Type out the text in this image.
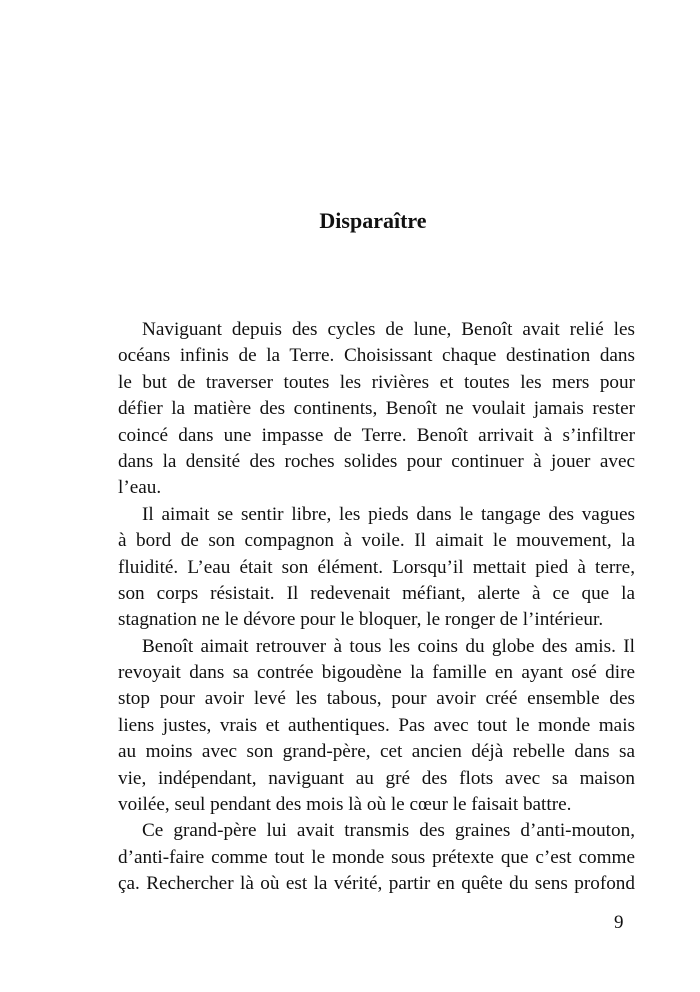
Disparaître
Naviguant depuis des cycles de lune, Benoît avait relié les
océans infinis de la Terre. Choisissant chaque destination dans
le but de traverser toutes les rivières et toutes les mers pour
défier la matière des continents, Benoît ne voulait jamais rester
coincé dans une impasse de Terre. Benoît arrivait à s’infiltrer
dans la densité des roches solides pour continuer à jouer avec
l’eau.
Il aimait se sentir libre, les pieds dans le tangage des vagues
à bord de son compagnon à voile. Il aimait le mouvement, la
fluidité. L’eau était son élément. Lorsqu’il mettait pied à terre,
son corps résistait. Il redevenait méfiant, alerte à ce que la
stagnation ne le dévore pour le bloquer, le ronger de l’intérieur.
Benoît aimait retrouver à tous les coins du globe des amis. Il
revoyait dans sa contrée bigoudène la famille en ayant osé dire
stop pour avoir levé les tabous, pour avoir créé ensemble des
liens justes, vrais et authentiques. Pas avec tout le monde mais
au moins avec son grand-père, cet ancien déjà rebelle dans sa
vie, indépendant, naviguant au gré des flots avec sa maison
voilée, seul pendant des mois là où le cœur le faisait battre.
Ce grand-père lui avait transmis des graines d’anti-mouton,
d’anti-faire comme tout le monde sous prétexte que c’est comme
ça. Rechercher là où est la vérité, partir en quête du sens profond
9
